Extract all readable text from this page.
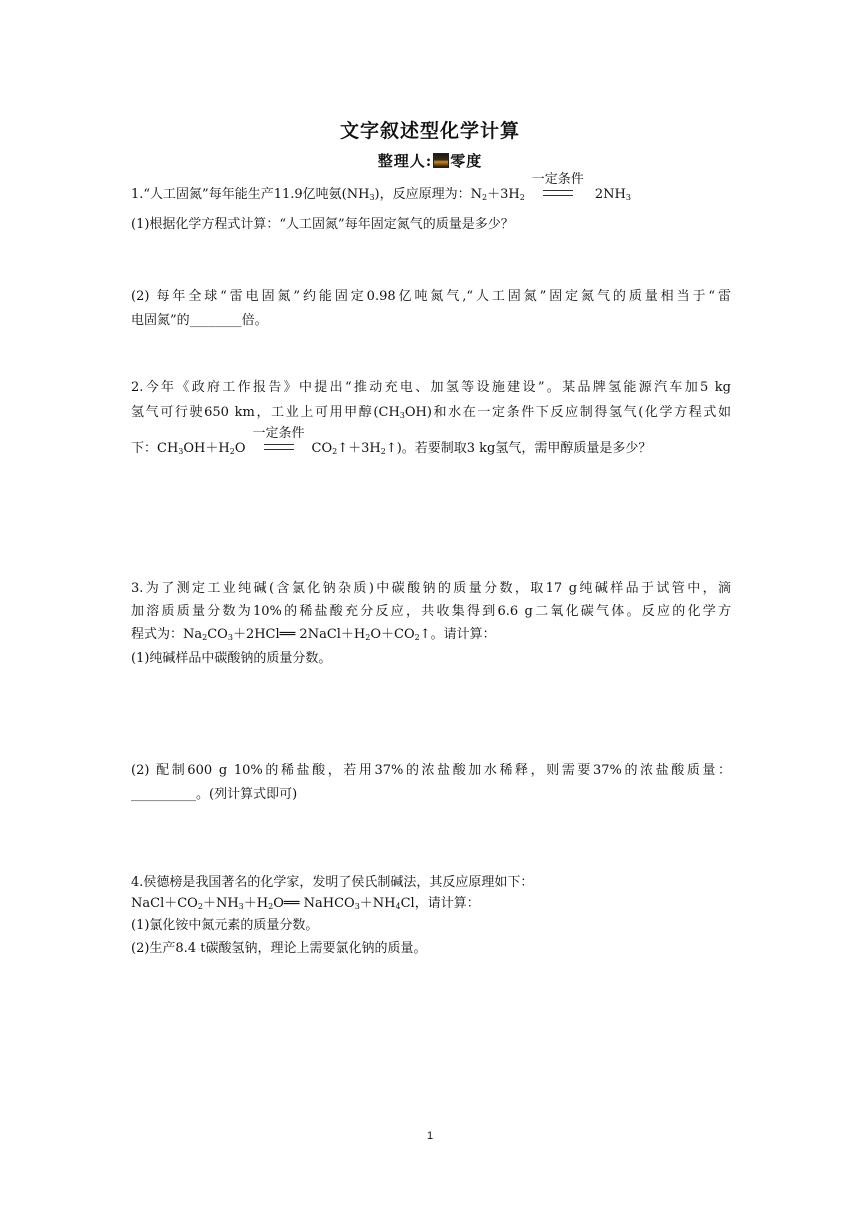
文字叙述型化学计算
整理人: 零度
1.“人工固氮”每年能生产11.9亿吨氨$(NH_3)$，反应原理为：$N_2+3H_2$
一定条件
$2NH_3$
(1)根据化学方程式计算：“人工固氮”每年固定氮气的质量是多少？
(2) 每年全球“雷电固氮”约能固定0.98亿吨氮气,“人工固氮”固定氮气的质量相当于“雷
电固氮”的________倍。
2.今年《政府工作报告》中提出“推动充电、加氢等设施建设”。某品牌氢能源汽车加5 kg
氢气可行驶650 km，工业上可用甲醇$(CH_3OH)$和水在一定条件下反应制得氢气(化学方程式如
下：$CH_3OH+H_2O$
一定条件
$CO_2↑+3H_2↑$)。若要制取3 kg氢气，需甲醇质量是多少？
3.为了测定工业纯碱(含氯化钠杂质)中碳酸钠的质量分数，取17 g纯碱样品于试管中，滴
加溶质质量分数为10%的稀盐酸充分反应，共收集得到6.6 g二氧化碳气体。反应的化学方
程式为：$Na_2CO_3+2HCl══$ $2NaCl+H_2O+CO_2↑$。请计算：
(1)纯碱样品中碳酸钠的质量分数。
(2) 配制600 g 10%的稀盐酸，若用37%的浓盐酸加水稀释，则需要37%的浓盐酸质量：
__________。(列计算式即可)
4.侯德榜是我国著名的化学家，发明了侯氏制碱法，其反应原理如下：
$NaCl+CO_2+NH_3+H_2O══$ $NaHCO_3+NH_4Cl$，请计算：
(1)氯化铵中氮元素的质量分数。
(2)生产8.4 t碳酸氢钠，理论上需要氯化钠的质量。
1
